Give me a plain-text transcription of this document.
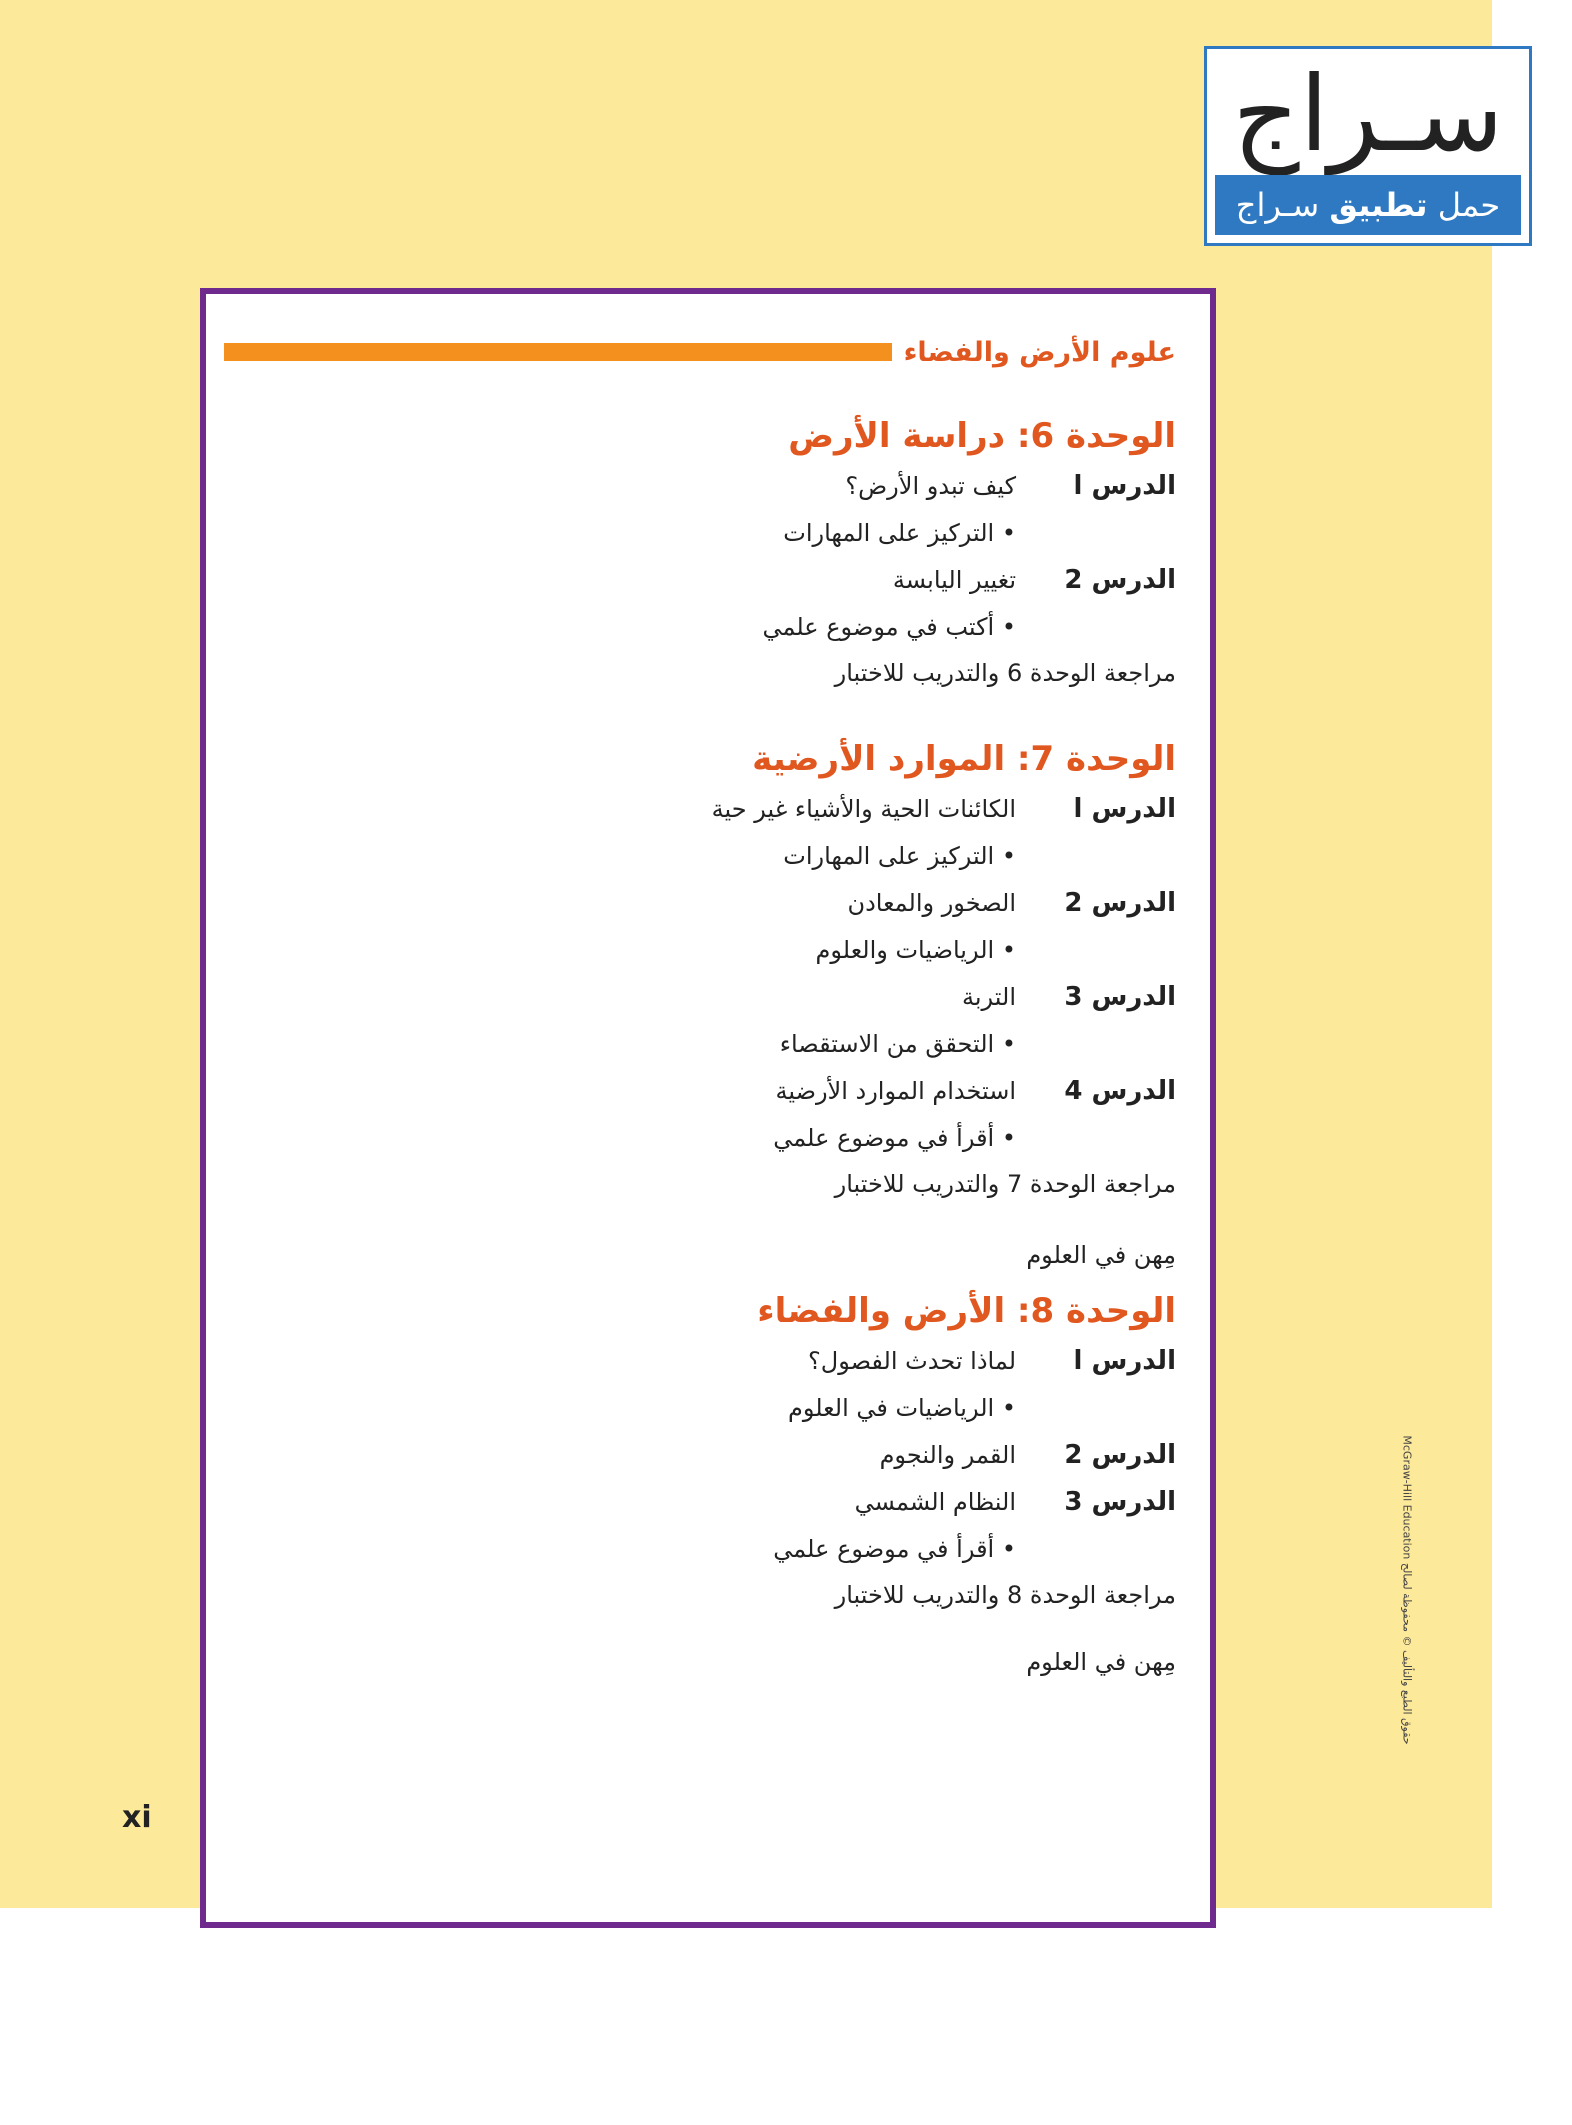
سـراج
حمل تطبيق سـراج
علوم الأرض والفضاء
الوحدة 6: دراسة الأرض
الدرس ا
كيف تبدو الأرض؟
• التركيز على المهارات
الدرس 2
تغيير اليابسة
• أكتب في موضوع علمي
مراجعة الوحدة 6 والتدريب للاختبار
الوحدة 7: الموارد الأرضية
الدرس ا
الكائنات الحية والأشياء غير حية
• التركيز على المهارات
الدرس 2
الصخور والمعادن
• الرياضيات والعلوم
الدرس 3
التربة
• التحقق من الاستقصاء
الدرس 4
استخدام الموارد الأرضية
• أقرأ في موضوع علمي
مراجعة الوحدة 7 والتدريب للاختبار
مِهن في العلوم
الوحدة 8: الأرض والفضاء
الدرس ا
لماذا تحدث الفصول؟
• الرياضيات في العلوم
الدرس 2
القمر والنجوم
الدرس 3
النظام الشمسي
• أقرأ في موضوع علمي
مراجعة الوحدة 8 والتدريب للاختبار
مِهن في العلوم
xi
McGraw-Hill Education حقوق الطبع والتأليف © محفوظة لصالح
